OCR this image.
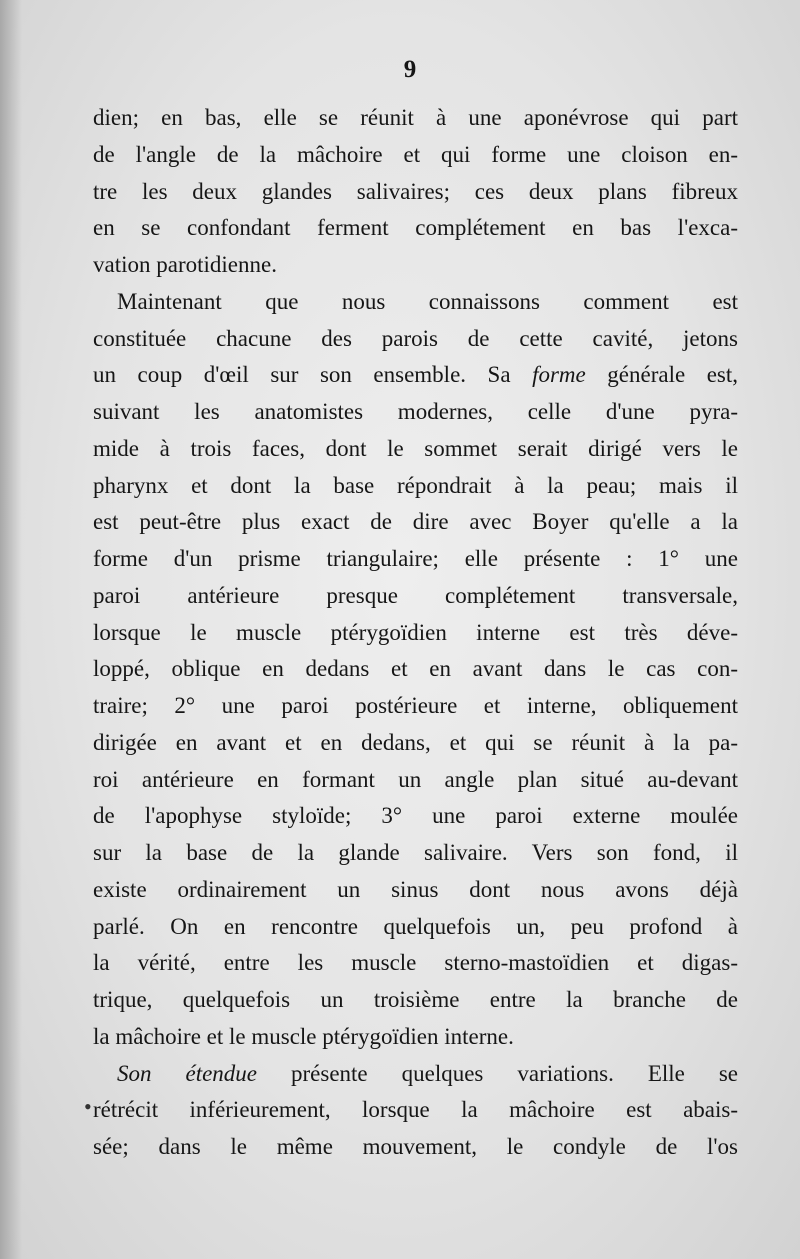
9
•
dien; en bas, elle se réunit à une aponévrose qui part
de l'angle de la mâchoire et qui forme une cloison en-
tre les deux glandes salivaires; ces deux plans fibreux
en se confondant ferment complétement en bas l'exca-
vation parotidienne.
Maintenant que nous connaissons comment est
constituée chacune des parois de cette cavité, jetons
un coup d'œil sur son ensemble. Sa forme générale est,
suivant les anatomistes modernes, celle d'une pyra-
mide à trois faces, dont le sommet serait dirigé vers le
pharynx et dont la base répondrait à la peau; mais il
est peut-être plus exact de dire avec Boyer qu'elle a la
forme d'un prisme triangulaire; elle présente : 1° une
paroi antérieure presque complétement transversale,
lorsque le muscle ptérygoïdien interne est très déve-
loppé, oblique en dedans et en avant dans le cas con-
traire; 2° une paroi postérieure et interne, obliquement
dirigée en avant et en dedans, et qui se réunit à la pa-
roi antérieure en formant un angle plan situé au-devant
de l'apophyse styloïde; 3° une paroi externe moulée
sur la base de la glande salivaire. Vers son fond, il
existe ordinairement un sinus dont nous avons déjà
parlé. On en rencontre quelquefois un, peu profond à
la vérité, entre les muscle sterno-mastoïdien et digas-
trique, quelquefois un troisième entre la branche de
la mâchoire et le muscle ptérygoïdien interne.
Son étendue présente quelques variations. Elle se
rétrécit inférieurement, lorsque la mâchoire est abais-
sée; dans le même mouvement, le condyle de l'os
